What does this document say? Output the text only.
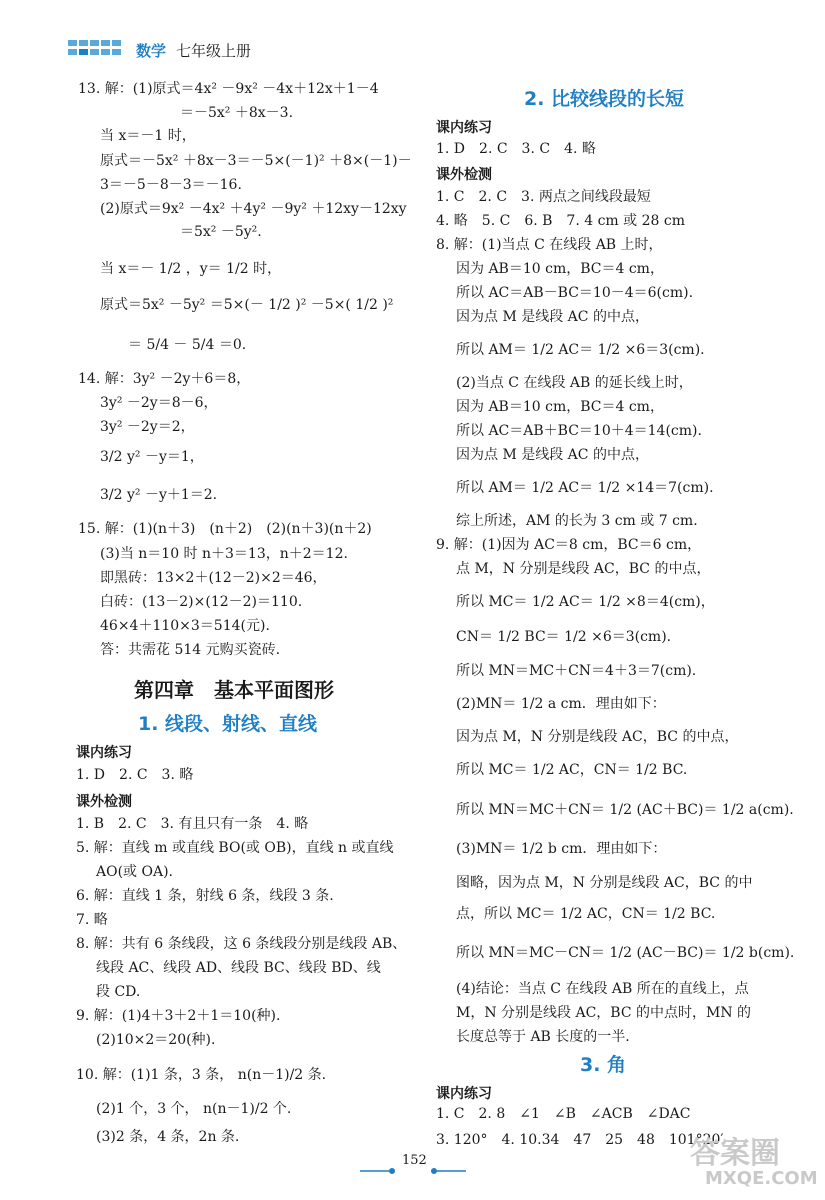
数学 七年级上册
13. 解：(1)原式＝4x² －9x² －4x＋12x＋1－4
＝－5x² ＋8x－3.
当 x＝－1 时，
原式＝－5x² ＋8x－3＝－5×(－1)² ＋8×(－1)－
3＝－5－8－3＝－16.
(2)原式＝9x² －4x² ＋4y² －9y² ＋12xy－12xy
＝5x² －5y².
当 x＝－ 1/2 ，y＝ 1/2 时，
原式＝5x² －5y² ＝5×(－ 1/2 )² －5×( 1/2 )²
＝ 5/4 － 5/4 ＝0.
14. 解：3y² －2y＋6＝8，
3y² －2y＝8－6，
3y² －2y＝2，
3/2 y² －y＝1，
3/2 y² －y＋1＝2.
15. 解：(1)(n＋3)　(n＋2)　(2)(n＋3)(n＋2)
(3)当 n＝10 时 n＋3＝13，n＋2＝12.
即黑砖：13×2＋(12－2)×2＝46，
白砖：(13－2)×(12－2)＝110.
46×4＋110×3＝514(元).
答：共需花 514 元购买瓷砖.
第四章　基本平面图形
1. 线段、射线、直线
课内练习
1. D　2. C　3. 略
课外检测
1. B　2. C　3. 有且只有一条　4. 略
5. 解：直线 m 或直线 BO(或 OB)，直线 n 或直线
AO(或 OA).
6. 解：直线 1 条，射线 6 条，线段 3 条.
7. 略
8. 解：共有 6 条线段，这 6 条线段分别是线段 AB、
线段 AC、线段 AD、线段 BC、线段 BD、线
段 CD.
9. 解：(1)4＋3＋2＋1＝10(种).
(2)10×2＝20(种).
10. 解：(1)1 条，3 条， n(n－1)/2 条.
(2)1 个，3 个， n(n－1)/2 个.
(3)2 条，4 条，2n 条.
2. 比较线段的长短
课内练习
1. D　2. C　3. C　4. 略
课外检测
1. C　2. C　3. 两点之间线段最短
4. 略　5. C　6. B　7. 4 cm 或 28 cm
8. 解：(1)当点 C 在线段 AB 上时，
因为 AB＝10 cm，BC＝4 cm，
所以 AC＝AB－BC＝10－4＝6(cm).
因为点 M 是线段 AC 的中点，
所以 AM＝ 1/2 AC＝ 1/2 ×6＝3(cm).
(2)当点 C 在线段 AB 的延长线上时，
因为 AB＝10 cm，BC＝4 cm，
所以 AC＝AB＋BC＝10＋4＝14(cm).
因为点 M 是线段 AC 的中点，
所以 AM＝ 1/2 AC＝ 1/2 ×14＝7(cm).
综上所述，AM 的长为 3 cm 或 7 cm.
9. 解：(1)因为 AC＝8 cm，BC＝6 cm，
点 M，N 分别是线段 AC，BC 的中点，
所以 MC＝ 1/2 AC＝ 1/2 ×8＝4(cm)，
CN＝ 1/2 BC＝ 1/2 ×6＝3(cm).
所以 MN＝MC＋CN＝4＋3＝7(cm).
(2)MN＝ 1/2 a cm．理由如下：
因为点 M，N 分别是线段 AC，BC 的中点，
所以 MC＝ 1/2 AC，CN＝ 1/2 BC.
所以 MN＝MC＋CN＝ 1/2 (AC＋BC)＝ 1/2 a(cm).
(3)MN＝ 1/2 b cm．理由如下：
图略，因为点 M，N 分别是线段 AC，BC 的中
点，所以 MC＝ 1/2 AC，CN＝ 1/2 BC.
所以 MN＝MC－CN＝ 1/2 (AC－BC)＝ 1/2 b(cm).
(4)结论：当点 C 在线段 AB 所在的直线上，点
M，N 分别是线段 AC，BC 的中点时，MN 的
长度总等于 AB 长度的一半.
3. 角
课内练习
1. C　2. 8　∠1　∠B　∠ACB　∠DAC
3. 120°　4. 10.34　47　25　48　101°20′
152	答案圈
MXQE.COM
